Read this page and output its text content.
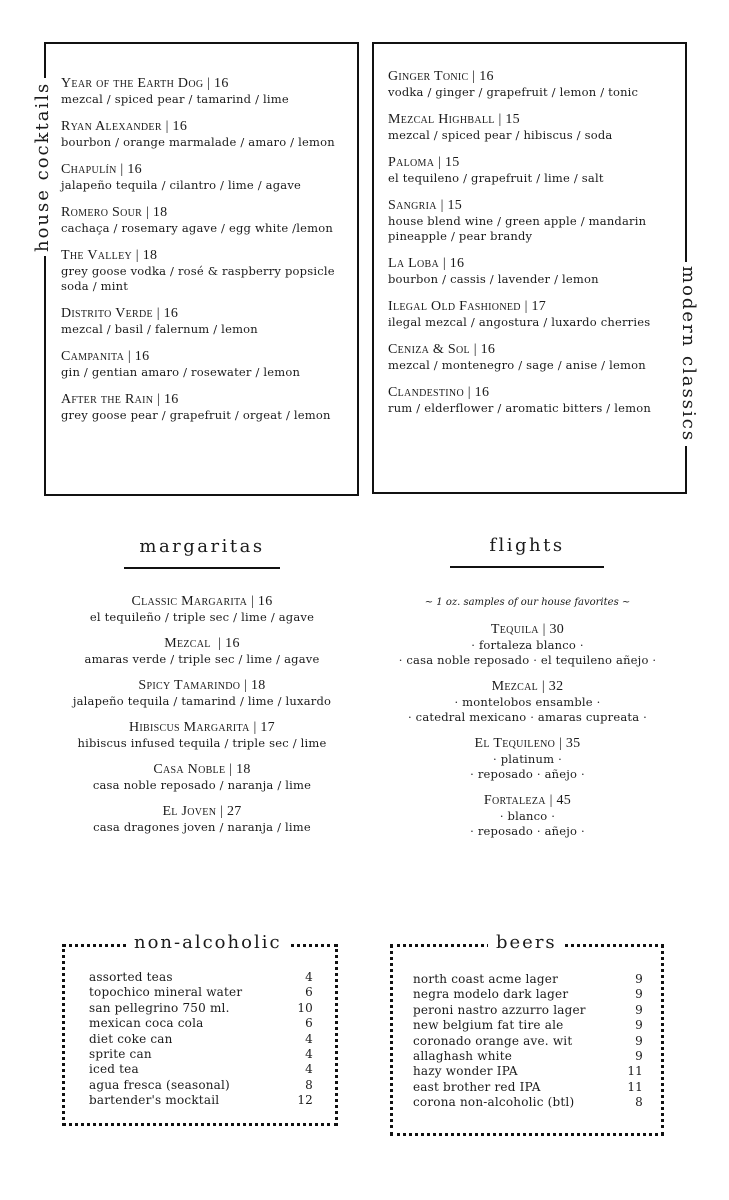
house cocktails Year of the Earth Dog | 16
mezcal / spiced pear / tamarind / lime
Ryan Alexander | 16
bourbon / orange marmalade / amaro / lemon
Chapulín | 16
jalapeño tequila / cilantro / lime / agave
Romero Sour | 18
cachaça / rosemary agave / egg white /lemon
The Valley | 18
grey goose vodka / rosé & raspberry popsicle
soda / mint
Distrito Verde | 16
mezcal / basil / falernum / lemon
Campanita | 16
gin / gentian amaro / rosewater / lemon
After the Rain | 16
grey goose pear / grapefruit / orgeat / lemon	modern classics
Ginger Tonic | 16
vodka / ginger / grapefruit / lemon / tonic
Mezcal Highball | 15
mezcal / spiced pear / hibiscus / soda
Paloma | 15
el tequileno / grapefruit / lime / salt
Sangria | 15
house blend wine / green apple / mandarin
pineapple / pear brandy
La Loba | 16
bourbon / cassis / lavender / lemon
Ilegal Old Fashioned | 17
ilegal mezcal / angostura / luxardo cherries
Ceniza & Sol | 16
mezcal / montenegro / sage / anise / lemon
Clandestino | 16
rum / elderflower / aromatic bitters / lemon
margaritas
Classic Margarita | 16
el tequileño / triple sec / lime / agave
Mezcal  | 16
amaras verde / triple sec / lime / agave
Spicy Tamarindo | 18
jalapeño tequila / tamarind / lime / luxardo
Hibiscus Margarita | 17
hibiscus infused tequila / triple sec / lime
Casa Noble | 18
casa noble reposado / naranja / lime
El Joven | 27
casa dragones joven / naranja / lime
flights
~ 1 oz. samples of our house favorites ~
Tequila | 30
· fortaleza blanco ·
· casa noble reposado · el tequileno añejo ·
Mezcal | 32
· montelobos ensamble ·
· catedral mexicano · amaras cupreata ·
El Tequileno | 35
· platinum ·
· reposado · añejo ·
Fortaleza | 45
· blanco ·
· reposado · añejo ·
non-alcoholic
assorted teas	4
topochico mineral water	6
san pellegrino 750 ml.	10
mexican coca cola	6
diet coke can	4
sprite can	4
iced tea	4
agua fresca (seasonal)	8
bartender's mocktail	12
beers
north coast acme lager	9
negra modelo dark lager	9
peroni nastro azzurro lager	9
new belgium fat tire ale	9
coronado orange ave. wit	9
allaghash white	9
hazy wonder IPA	11
east brother red IPA	11
corona non-alcoholic (btl)	8
